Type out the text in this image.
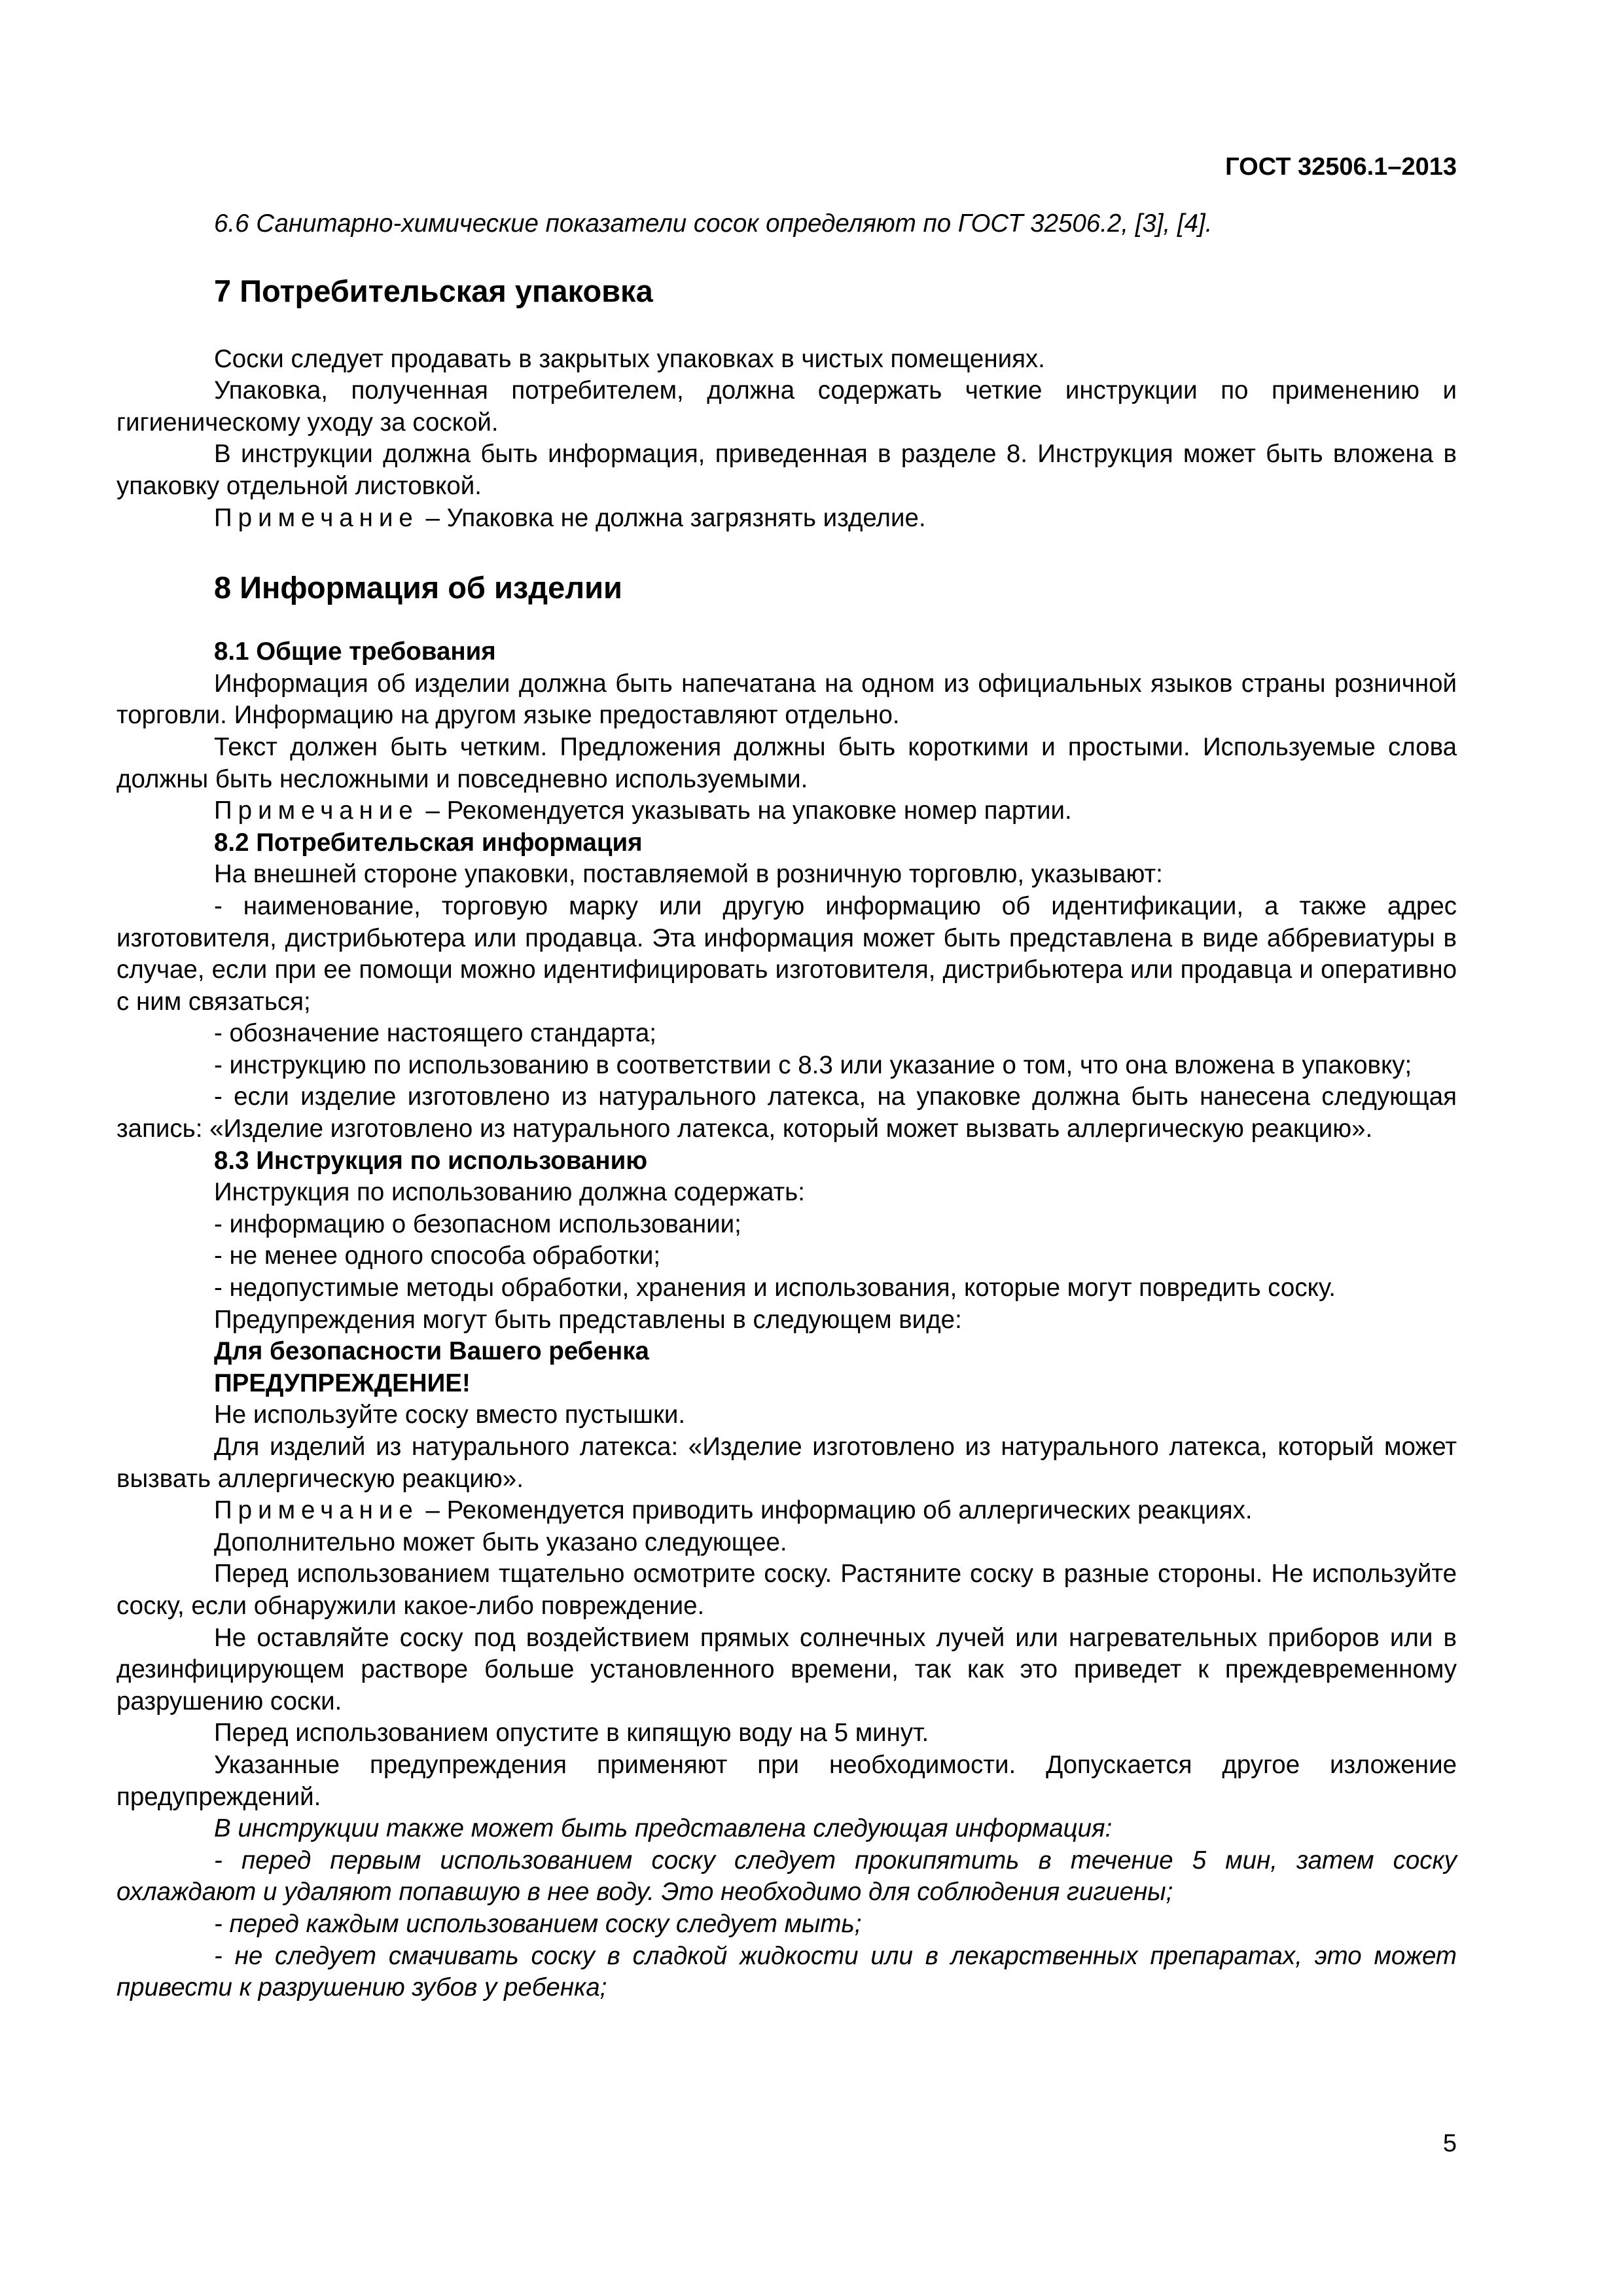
ГОСТ 32506.1–2013

6.6 Санитарно-химические показатели сосок определяют по ГОСТ 32506.2, [3], [4].

7 Потребительская упаковка

Соски следует продавать в закрытых упаковках в чистых помещениях.

Упаковка, полученная потребителем, должна содержать четкие инструкции по применению и гигиеническому уходу за соской.

В инструкции должна быть информация, приведенная в разделе 8. Инструкция может быть вложена в упаковку отдельной листовкой.

Примечание – Упаковка не должна загрязнять изделие.

8 Информация об изделии
8.1 Общие требования

Информация об изделии должна быть напечатана на одном из официальных языков страны розничной торговли. Информацию на другом языке предоставляют отдельно.

Текст должен быть четким. Предложения должны быть короткими и простыми. Используемые слова должны быть несложными и повседневно используемыми.

Примечание – Рекомендуется указывать на упаковке номер партии.

8.2 Потребительская информация

На внешней стороне упаковки, поставляемой в розничную торговлю, указывают:

- наименование, торговую марку или другую информацию об идентификации, а также адрес изготовителя, дистрибьютера или продавца. Эта информация может быть представлена в виде аббревиатуры в случае, если при ее помощи можно идентифицировать изготовителя, дистрибьютера или продавца и оперативно с ним связаться;

- обозначение настоящего стандарта;

- инструкцию по использованию в соответствии с 8.3 или указание о том, что она вложена в упаковку;

- если изделие изготовлено из натурального латекса, на упаковке должна быть нанесена следующая запись: «Изделие изготовлено из натурального латекса, который может вызвать аллергическую реакцию».

8.3 Инструкция по использованию

Инструкция по использованию должна содержать:

- информацию о безопасном использовании;

- не менее одного способа обработки;

- недопустимые методы обработки, хранения и использования, которые могут повредить соску.

Предупреждения могут быть представлены в следующем виде:

Для безопасности Вашего ребенка

ПРЕДУПРЕЖДЕНИЕ!

Не используйте соску вместо пустышки.

Для изделий из натурального латекса: «Изделие изготовлено из натурального латекса, который может вызвать аллергическую реакцию».

Примечание – Рекомендуется приводить информацию об аллергических реакциях.

Дополнительно может быть указано следующее.

Перед использованием тщательно осмотрите соску. Растяните соску в разные стороны. Не используйте соску, если обнаружили какое-либо повреждение.

Не оставляйте соску под воздействием прямых солнечных лучей или нагревательных приборов или в дезинфицирующем растворе больше установленного времени, так как это приведет к преждевременному разрушению соски.

Перед использованием опустите в кипящую воду на 5 минут.

Указанные предупреждения применяют при необходимости. Допускается другое изложение предупреждений.

В инструкции также может быть представлена следующая информация:

- перед первым использованием соску следует прокипятить в течение 5 мин, затем соску охлаждают и удаляют попавшую в нее воду. Это необходимо для соблюдения гигиены;

- перед каждым использованием соску следует мыть;

- не следует смачивать соску в сладкой жидкости или в лекарственных препаратах, это может привести к разрушению зубов у ребенка;

5
